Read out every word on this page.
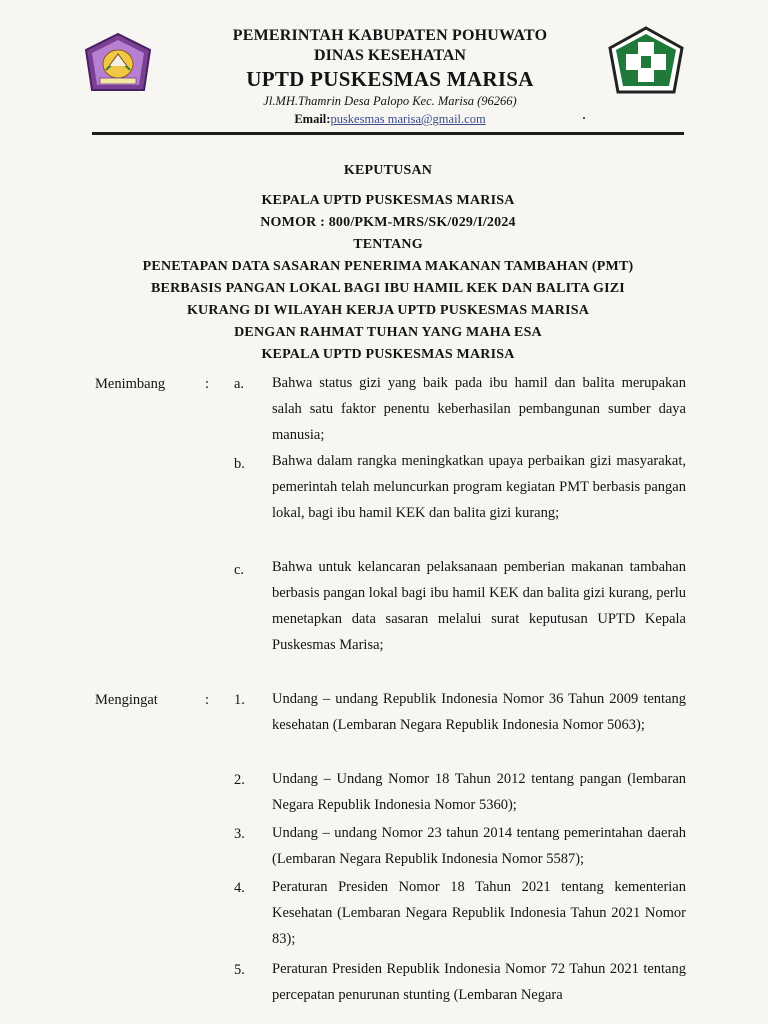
PEMERINTAH KABUPATEN POHUWATO
DINAS KESEHATAN
UPTD PUSKESMAS MARISA
Jl.MH.Thamrin Desa Palopo Kec. Marisa (96266)
Email:puskesmas marisa@gmail.com
KEPUTUSAN
KEPALA UPTD PUSKESMAS MARISA
NOMOR : 800/PKM-MRS/SK/029/I/2024
TENTANG
PENETAPAN DATA SASARAN PENERIMA MAKANAN TAMBAHAN (PMT)
BERBASIS PANGAN LOKAL BAGI IBU HAMIL KEK DAN BALITA GIZI
KURANG DI WILAYAH KERJA UPTD PUSKESMAS MARISA
DENGAN RAHMAT TUHAN YANG MAHA ESA
KEPALA UPTD PUSKESMAS MARISA
Menimbang	: a. Bahwa status gizi yang baik pada ibu hamil dan balita merupakan salah satu faktor penentu keberhasilan pembangunan sumber daya manusia;
b. Bahwa dalam rangka meningkatkan upaya perbaikan gizi masyarakat, pemerintah telah meluncurkan program kegiatan PMT berbasis pangan lokal, bagi ibu hamil KEK dan balita gizi kurang;
c. Bahwa untuk kelancaran pelaksanaan pemberian makanan tambahan berbasis pangan lokal bagi ibu hamil KEK dan balita gizi kurang, perlu menetapkan data sasaran melalui surat keputusan UPTD Kepala Puskesmas Marisa;
Mengingat	: 1. Undang – undang Republik Indonesia Nomor 36 Tahun 2009 tentang kesehatan (Lembaran Negara Republik Indonesia Nomor 5063);
2. Undang – Undang Nomor 18 Tahun 2012 tentang pangan (lembaran Negara Republik Indonesia Nomor 5360);
3. Undang – undang Nomor 23 tahun 2014 tentang pemerintahan daerah (Lembaran Negara Republik Indonesia Nomor 5587);
4. Peraturan Presiden Nomor 18 Tahun 2021 tentang kementerian Kesehatan (Lembaran Negara Republik Indonesia Tahun 2021 Nomor 83);
5. Peraturan Presiden Republik Indonesia Nomor 72 Tahun 2021 tentang percepatan penurunan stunting (Lembaran Negara
